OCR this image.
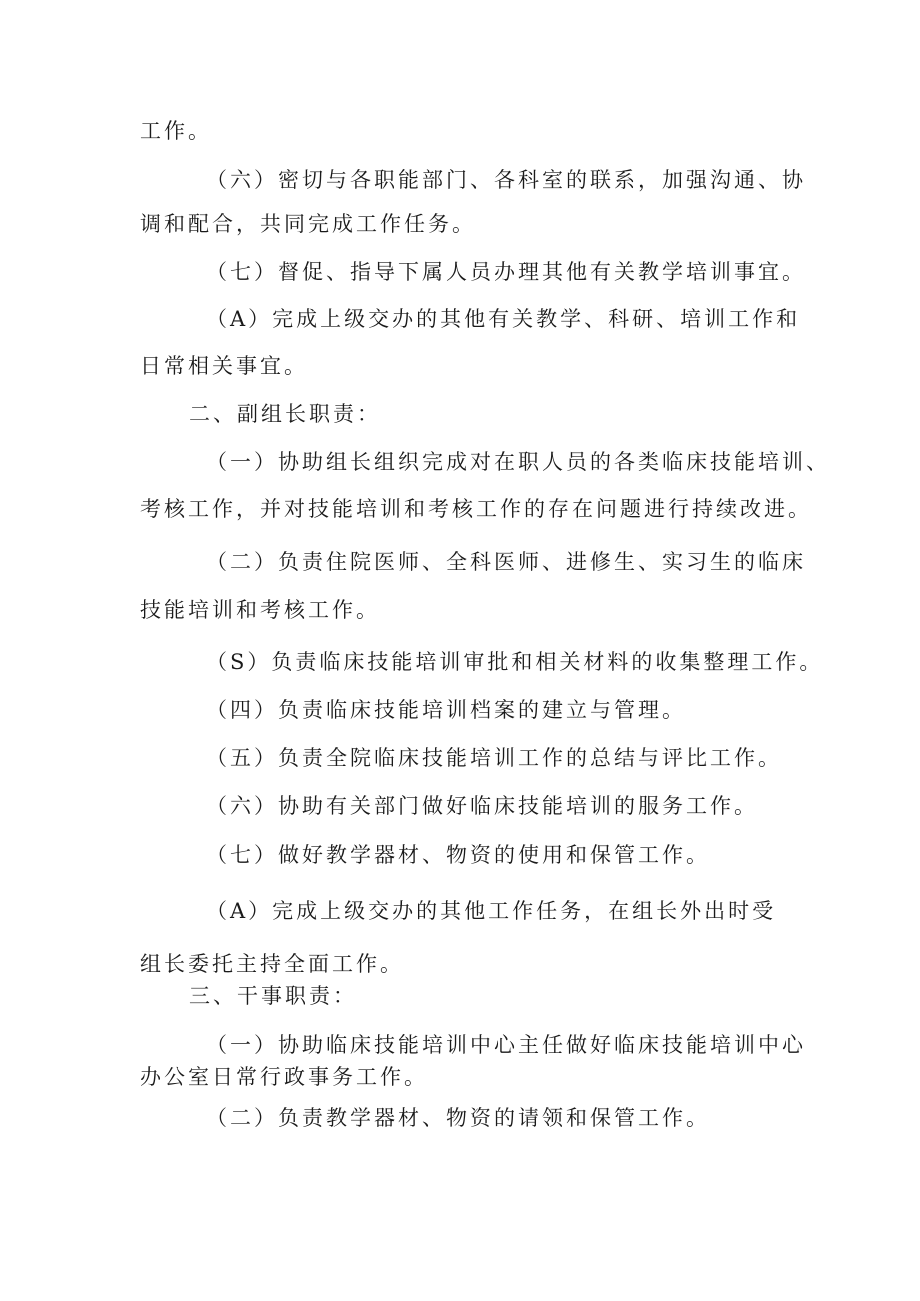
工作。
（六）密切与各职能部门、各科室的联系，加强沟通、协
调和配合，共同完成工作任务。
（七）督促、指导下属人员办理其他有关教学培训事宜。
（A）完成上级交办的其他有关教学、科研、培训工作和
日常相关事宜。
二、副组长职责：
（一）协助组长组织完成对在职人员的各类临床技能培训、
考核工作，并对技能培训和考核工作的存在问题进行持续改进。
（二）负责住院医师、全科医师、进修生、实习生的临床
技能培训和考核工作。
（S）负责临床技能培训审批和相关材料的收集整理工作。
（四）负责临床技能培训档案的建立与管理。
（五）负责全院临床技能培训工作的总结与评比工作。
（六）协助有关部门做好临床技能培训的服务工作。
（七）做好教学器材、物资的使用和保管工作。
（A）完成上级交办的其他工作任务，在组长外出时受
组长委托主持全面工作。
三、干事职责：
（一）协助临床技能培训中心主任做好临床技能培训中心
办公室日常行政事务工作。
（二）负责教学器材、物资的请领和保管工作。
